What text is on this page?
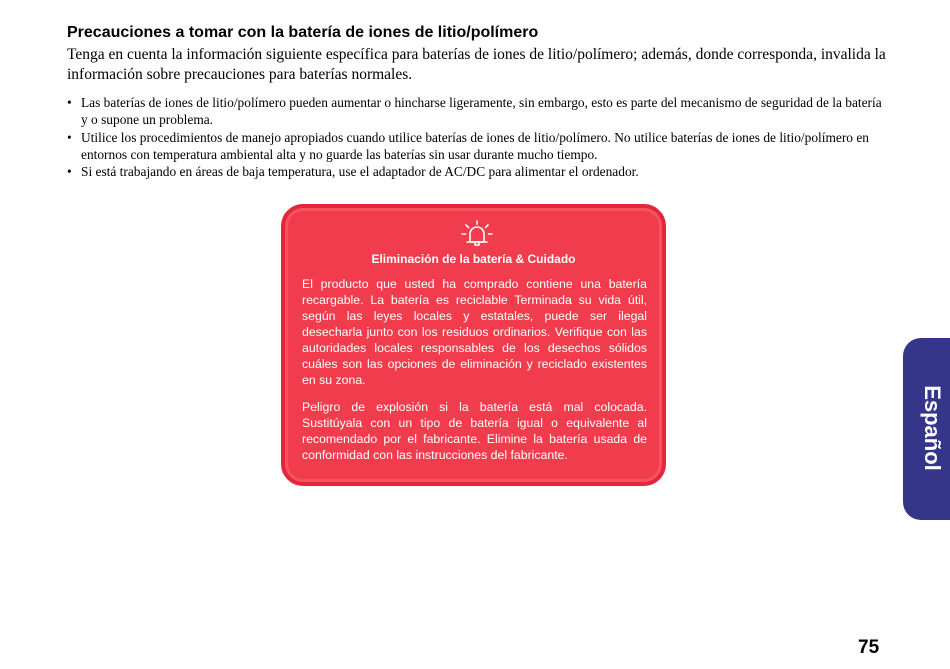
Precauciones a tomar con la batería de iones de litio/polímero

Tenga en cuenta la información siguiente específica para baterías de iones de litio/polímero; además, donde corresponda, invalida la información sobre precauciones para baterías normales.

• Las baterías de iones de litio/polímero pueden aumentar o hincharse ligeramente, sin embargo, esto es parte del mecanismo de seguridad de la batería y o supone un problema.
• Utilice los procedimientos de manejo apropiados cuando utilice baterías de iones de litio/polímero. No utilice baterías de iones de litio/polímero en entornos con temperatura ambiental alta y no guarde las baterías sin usar durante mucho tiempo.
• Si está trabajando en áreas de baja temperatura, use el adaptador de AC/DC para alimentar el ordenador.
Eliminación de la batería & Cuidado

El producto que usted ha comprado contiene una batería recargable. La batería es reciclable Terminada su vida útil, según las leyes locales y estatales, puede ser ilegal desecharla junto con los residuos ordinarios. Verifique con las autoridades locales responsables de los desechos sólidos cuáles son las opciones de eliminación y reciclado existentes en su zona.

Peligro de explosión si la batería está mal colocada. Sustitúyala con un tipo de batería igual o equivalente al recomendado por el fabricante. Elimine la batería usada de conformidad con las instrucciones del fabricante.	Español
75
